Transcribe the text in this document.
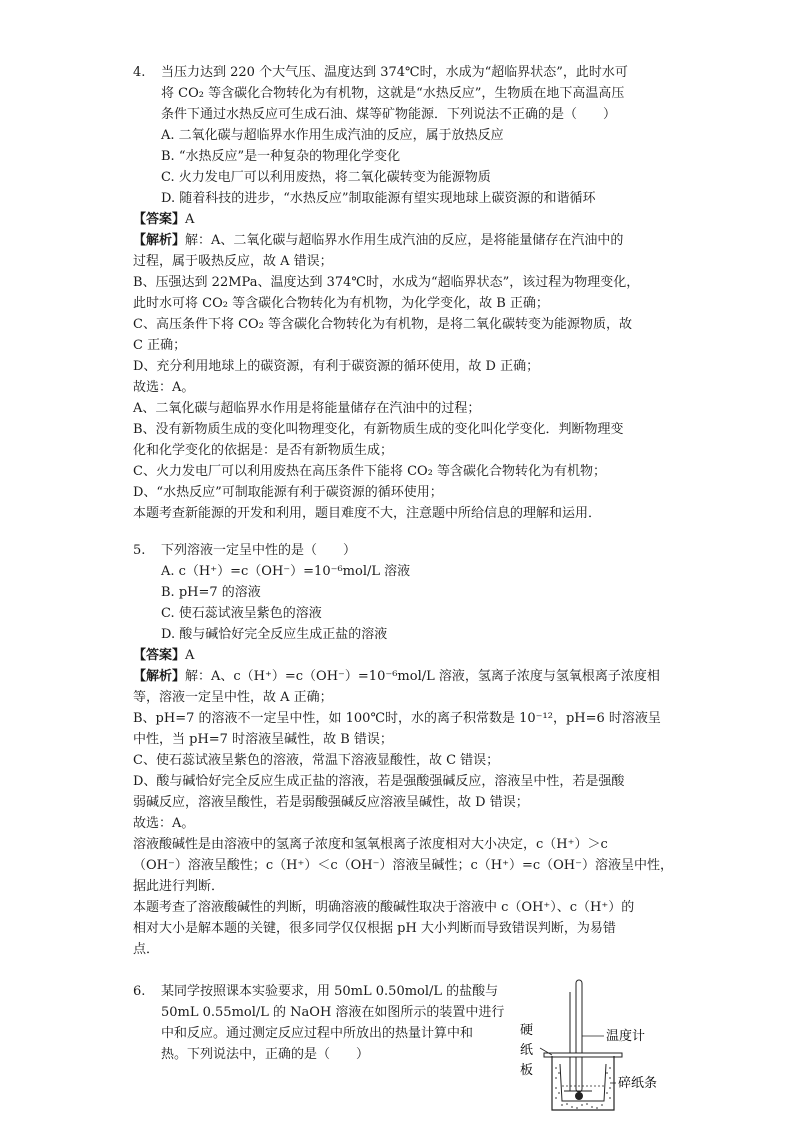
4. 当压力达到 220 个大气压、温度达到 374℃时，水成为“超临界状态”，此时水可
将 CO₂ 等含碳化合物转化为有机物，这就是“水热反应”，生物质在地下高温高压
条件下通过水热反应可生成石油、煤等矿物能源．下列说法不正确的是（　　）
A. 二氧化碳与超临界水作用生成汽油的反应，属于放热反应
B. “水热反应”是一种复杂的物理化学变化
C. 火力发电厂可以利用废热，将二氧化碳转变为能源物质
D. 随着科技的进步，“水热反应”制取能源有望实现地球上碳资源的和谐循环
【答案】A
【解析】解：A、二氧化碳与超临界水作用生成汽油的反应，是将能量储存在汽油中的
过程，属于吸热反应，故 A 错误；
B、压强达到 22MPa、温度达到 374℃时，水成为“超临界状态”，该过程为物理变化，
此时水可将 CO₂ 等含碳化合物转化为有机物，为化学变化，故 B 正确；
C、高压条件下将 CO₂ 等含碳化合物转化为有机物，是将二氧化碳转变为能源物质，故
C 正确；
D、充分利用地球上的碳资源，有利于碳资源的循环使用，故 D 正确；
故选：A。
A、二氧化碳与超临界水作用是将能量储存在汽油中的过程；
B、没有新物质生成的变化叫物理变化，有新物质生成的变化叫化学变化．判断物理变
化和化学变化的依据是：是否有新物质生成；
C、火力发电厂可以利用废热在高压条件下能将 CO₂ 等含碳化合物转化为有机物；
D、“水热反应”可制取能源有利于碳资源的循环使用；
本题考查新能源的开发和利用，题目难度不大，注意题中所给信息的理解和运用．
5. 下列溶液一定呈中性的是（　　）
A. c（H⁺）=c（OH⁻）=10⁻⁶mol/L 溶液
B. pH=7 的溶液
C. 使石蕊试液呈紫色的溶液
D. 酸与碱恰好完全反应生成正盐的溶液
【答案】A
【解析】解：A、c（H⁺）=c（OH⁻）=10⁻⁶mol/L 溶液，氢离子浓度与氢氧根离子浓度相
等，溶液一定呈中性，故 A 正确；
B、pH=7 的溶液不一定呈中性，如 100℃时，水的离子积常数是 10⁻¹²，pH=6 时溶液呈
中性，当 pH=7 时溶液呈碱性，故 B 错误；
C、使石蕊试液呈紫色的溶液，常温下溶液显酸性，故 C 错误；
D、酸与碱恰好完全反应生成正盐的溶液，若是强酸强碱反应，溶液呈中性，若是强酸
弱碱反应，溶液呈酸性，若是弱酸强碱反应溶液呈碱性，故 D 错误；
故选：A。
溶液酸碱性是由溶液中的氢离子浓度和氢氧根离子浓度相对大小决定，c（H⁺）＞c
（OH⁻）溶液呈酸性；c（H⁺）＜c（OH⁻）溶液呈碱性；c（H⁺）=c（OH⁻）溶液呈中性，
据此进行判断．
本题考查了溶液酸碱性的判断，明确溶液的酸碱性取决于溶液中 c（OH⁺）、c（H⁺）的
相对大小是解本题的关键，很多同学仅仅根据 pH 大小判断而导致错误判断，为易错
点．
6. 某同学按照课本实验要求，用 50mL 0.50mol/L 的盐酸与
50mL 0.55mol/L 的 NaOH 溶液在如图所示的装置中进行
中和反应。通过测定反应过程中所放出的热量计算中和
热。下列说法中，正确的是（　　）
硬
纸
板
温度计
碎纸条
